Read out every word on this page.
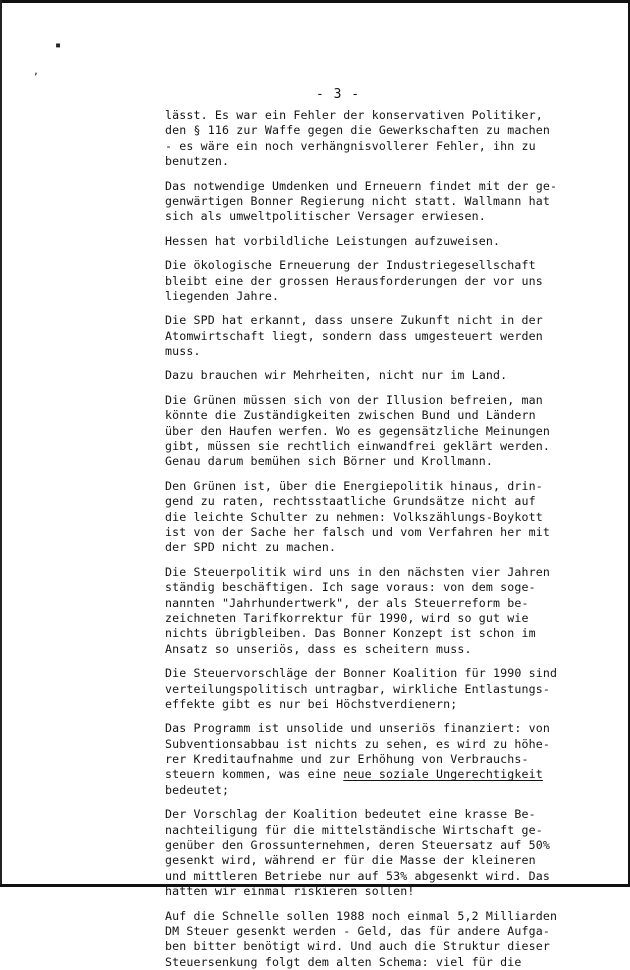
▪
,
- 3 -

lässt. Es war ein Fehler der konservativen Politiker,
den § 116 zur Waffe gegen die Gewerkschaften zu machen
- es wäre ein noch verhängnisvollerer Fehler, ihn zu
benutzen.

Das notwendige Umdenken und Erneuern findet mit der ge-
genwärtigen Bonner Regierung nicht statt. Wallmann hat
sich als umweltpolitischer Versager erwiesen.

Hessen hat vorbildliche Leistungen aufzuweisen.

Die ökologische Erneuerung der Industriegesellschaft
bleibt eine der grossen Herausforderungen der vor uns
liegenden Jahre.

Die SPD hat erkannt, dass unsere Zukunft nicht in der
Atomwirtschaft liegt, sondern dass umgesteuert werden
muss.

Dazu brauchen wir Mehrheiten, nicht nur im Land.

Die Grünen müssen sich von der Illusion befreien, man
könnte die Zuständigkeiten zwischen Bund und Ländern
über den Haufen werfen. Wo es gegensätzliche Meinungen
gibt, müssen sie rechtlich einwandfrei geklärt werden.
Genau darum bemühen sich Börner und Krollmann.

Den Grünen ist, über die Energiepolitik hinaus, drin-
gend zu raten, rechtsstaatliche Grundsätze nicht auf
die leichte Schulter zu nehmen: Volkszählungs-Boykott
ist von der Sache her falsch und vom Verfahren her mit
der SPD nicht zu machen.

Die Steuerpolitik wird uns in den nächsten vier Jahren
ständig beschäftigen. Ich sage voraus: von dem soge-
nannten "Jahrhundertwerk", der als Steuerreform be-
zeichneten Tarifkorrektur für 1990, wird so gut wie
nichts übrigbleiben. Das Bonner Konzept ist schon im
Ansatz so unseriös, dass es scheitern muss.

Die Steuervorschläge der Bonner Koalition für 1990 sind
verteilungspolitisch untragbar, wirkliche Entlastungs-
effekte gibt es nur bei Höchstverdienern;

Das Programm ist unsolide und unseriös finanziert: von
Subventionsabbau ist nichts zu sehen, es wird zu höhe-
rer Kreditaufnahme und zur Erhöhung von Verbrauchs-
steuern kommen, was eine neue soziale Ungerechtigkeit
bedeutet;

Der Vorschlag der Koalition bedeutet eine krasse Be-
nachteiligung für die mittelständische Wirtschaft ge-
genüber den Grossunternehmen, deren Steuersatz auf 50%
gesenkt wird, während er für die Masse der kleineren
und mittleren Betriebe nur auf 53% abgesenkt wird. Das
hätten wir einmal riskieren sollen!

Auf die Schnelle sollen 1988 noch einmal 5,2 Milliarden
DM Steuer gesenkt werden - Geld, das für andere Aufga-
ben bitter benötigt wird. Und auch die Struktur dieser
Steuersenkung folgt dem alten Schema: viel für die
